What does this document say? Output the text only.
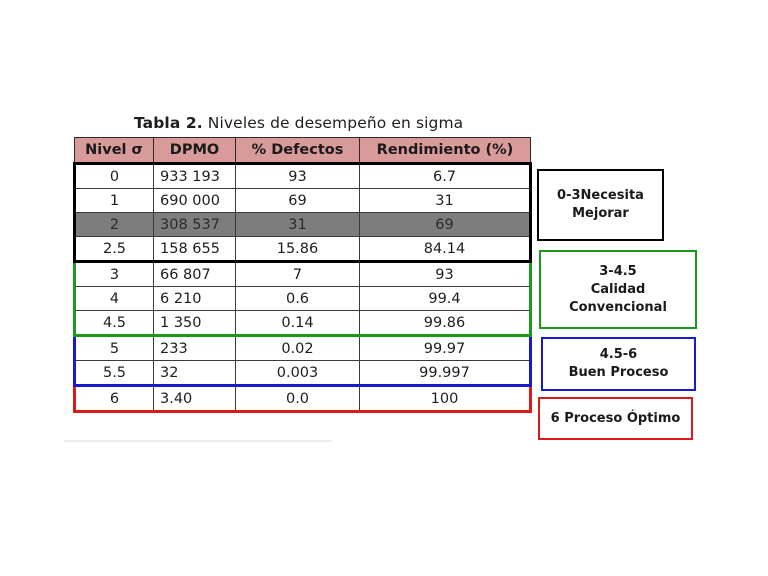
Tabla 2. Niveles de desempeño en sigma
Nivel σ	DPMO	% Defectos	Rendimiento (%)
0	933 193	93	6.7
1	690 000	69	31
2	308 537	31	69
2.5	158 655	15.86	84.14
3	66 807	7	93
4	6 210	0.6	99.4
4.5	1 350	0.14	99.86
5	233	0.02	99.97
5.5	32	0.003	99.997
6	3.40	0.0	100
0-3Necesita
Mejorar
3-4.5
Calidad
Convencional
4.5-6
Buen Proceso
6 Proceso Óptimo
